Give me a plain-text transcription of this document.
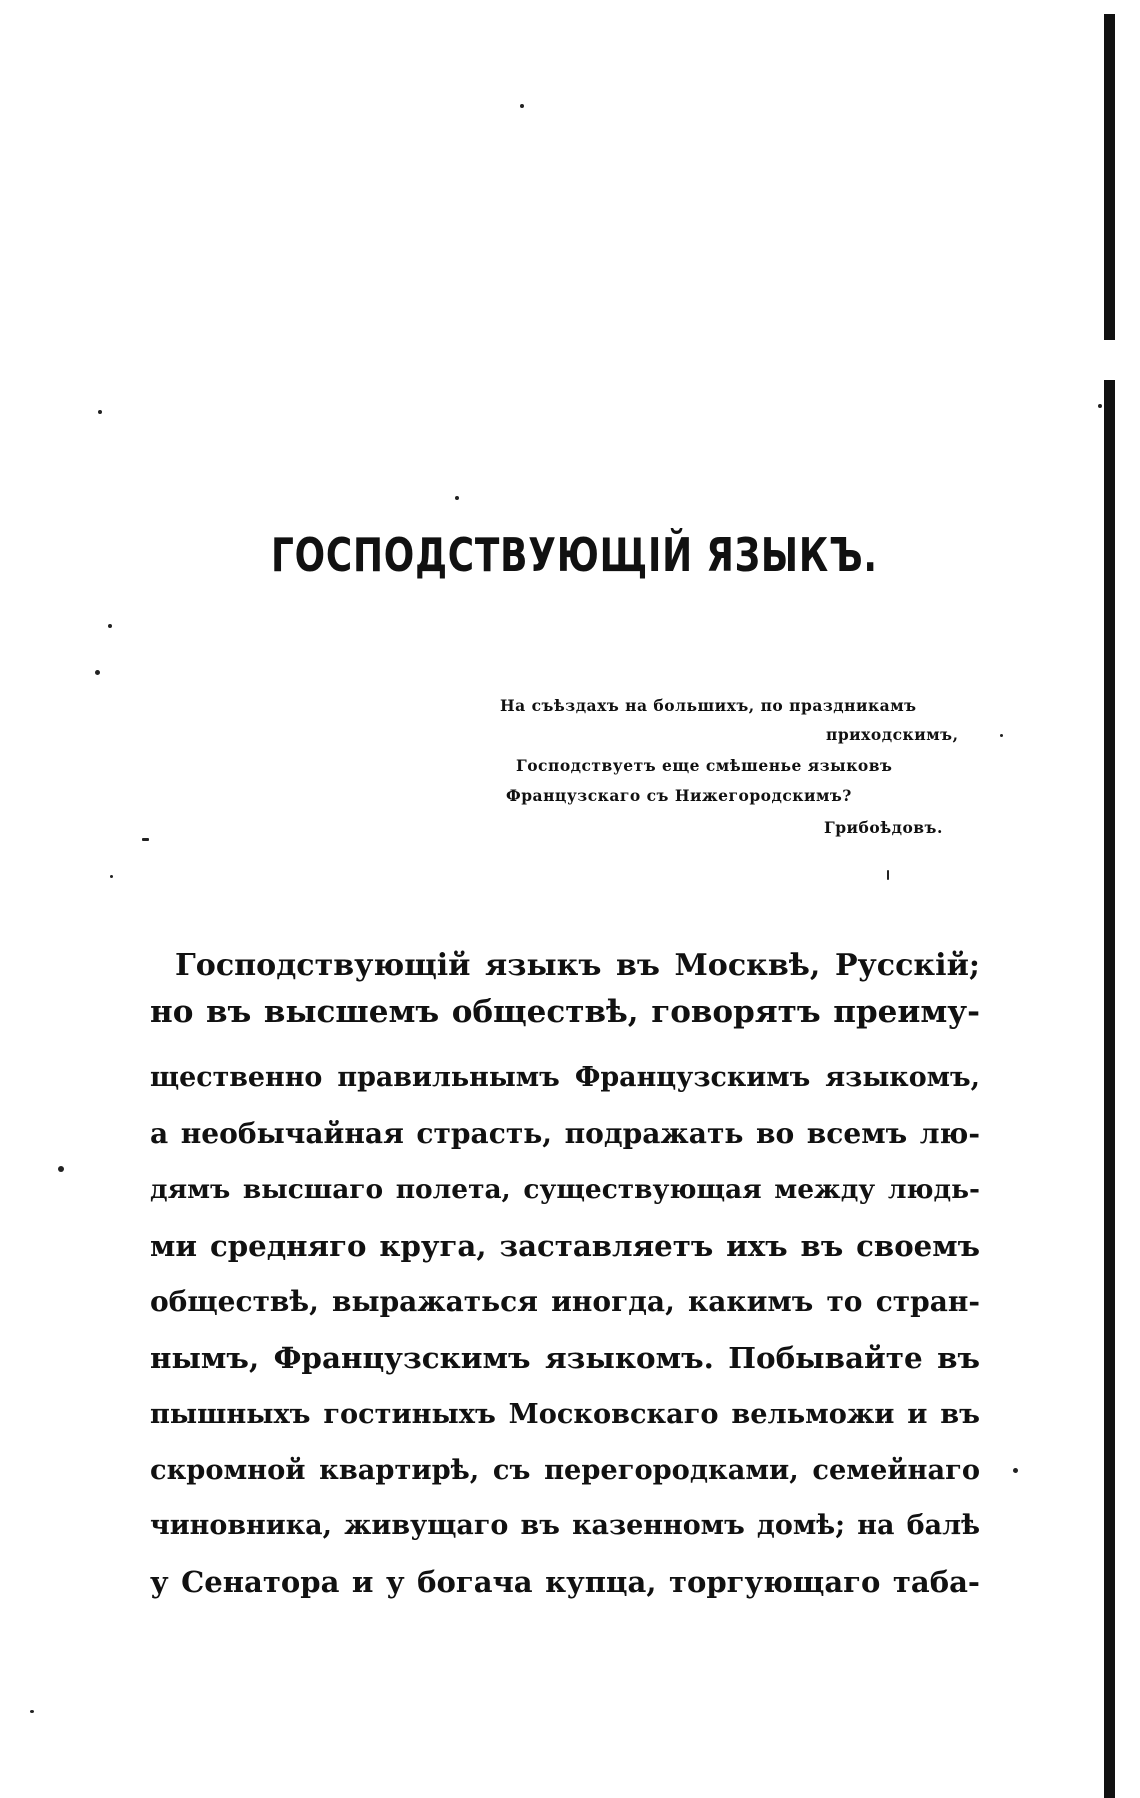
ГОСПОДСТВУЮЩІЙ ЯЗЫКЪ.
На съѣздахъ на большихъ, по праздникамъ
приходскимъ,
Господствуетъ еще смѣшенье языковъ
Французскаго съ Нижегородскимъ?
Грибоѣдовъ.
Господствующій языкъ въ Москвѣ, Русскій;
но въ высшемъ обществѣ, говорятъ преиму-
щественно правильнымъ Французскимъ языкомъ,
а необычайная страсть, подражать во всемъ лю-
дямъ высшаго полета, существующая между людь-
ми средняго круга, заставляетъ ихъ въ своемъ
обществѣ, выражаться иногда, какимъ то стран-
нымъ, Французскимъ языкомъ. Побывайте въ
пышныхъ гостиныхъ Московскаго вельможи и въ
скромной квартирѣ, съ перегородками, семейнаго
чиновника, живущаго въ казенномъ домѣ; на балѣ
у Сенатора и у богача купца, торгующаго таба-
